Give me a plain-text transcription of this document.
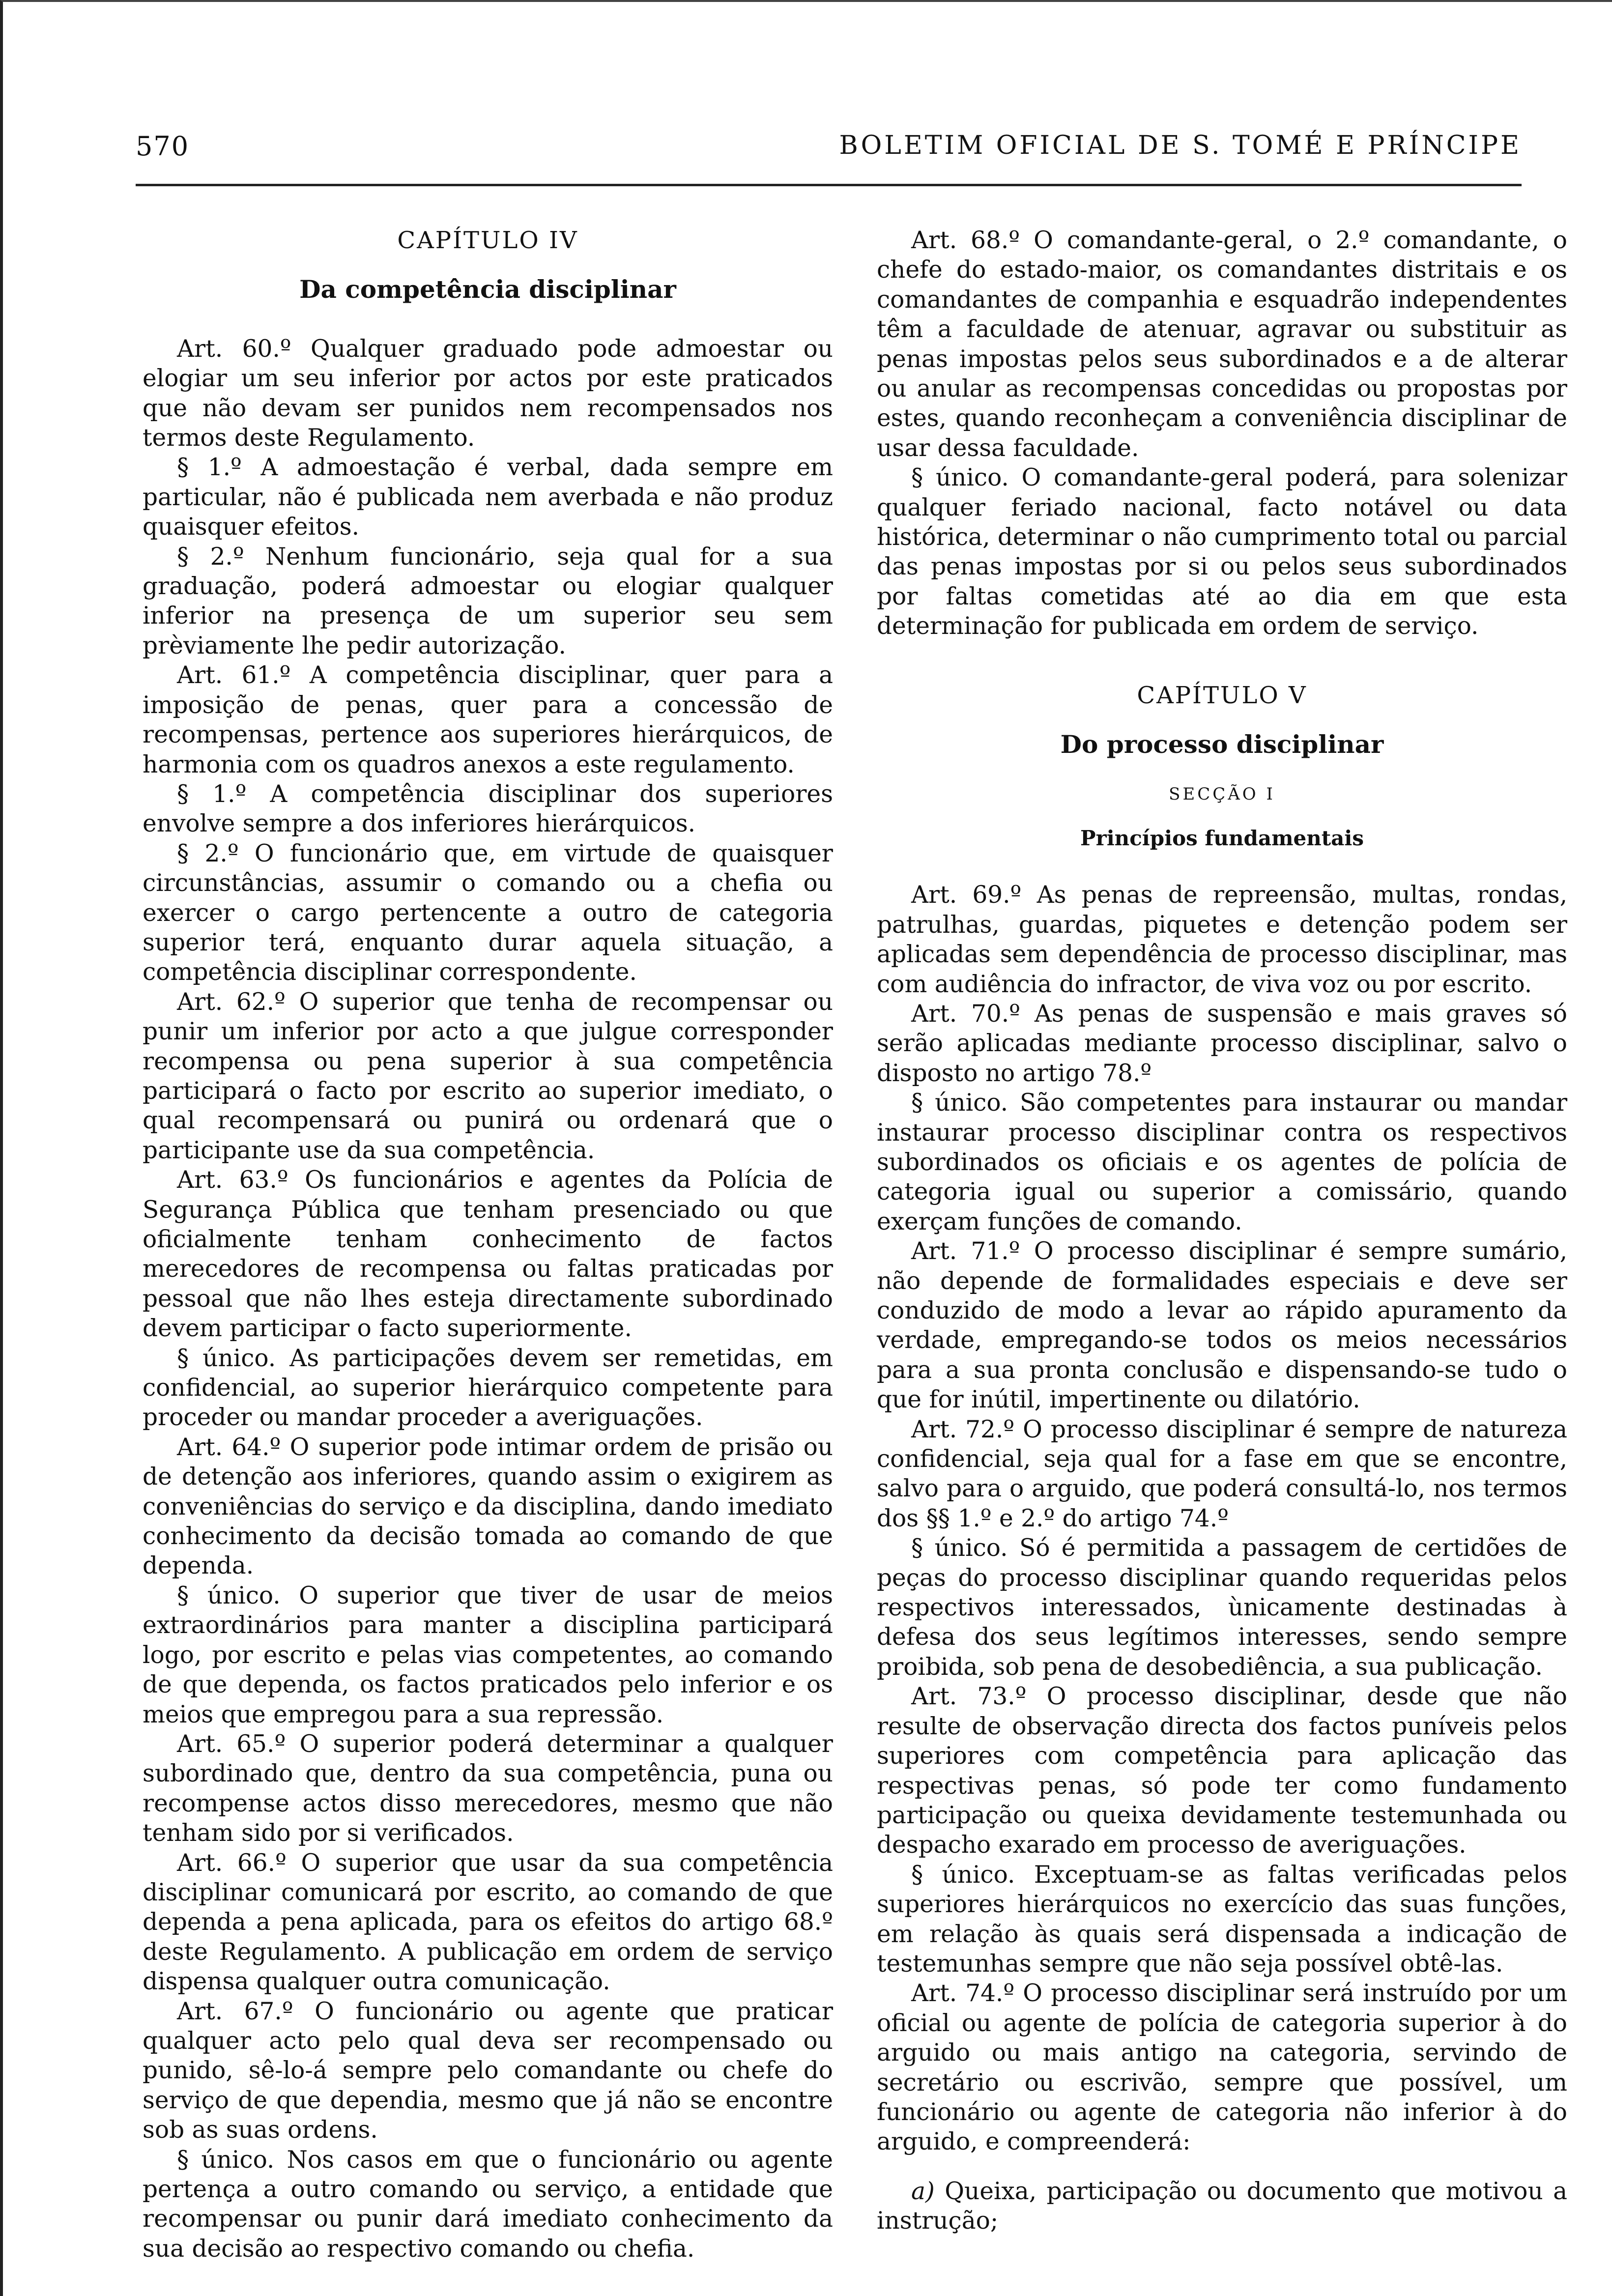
570	BOLETIM OFICIAL DE S. TOMÉ E PRÍNCIPE

CAPÍTULO IV

Da competência disciplinar

Art. 60.º Qualquer graduado pode admoestar ou elogiar um seu inferior por actos por este praticados que não devam ser punidos nem recompensados nos termos deste Regulamento.

§ 1.º A admoestação é verbal, dada sempre em particular, não é publicada nem averbada e não produz quaisquer efeitos.

§ 2.º Nenhum funcionário, seja qual for a sua graduação, poderá admoestar ou elogiar qualquer inferior na presença de um superior seu sem prèviamente lhe pedir autorização.

Art. 61.º A competência disciplinar, quer para a imposição de penas, quer para a concessão de recompensas, pertence aos superiores hierárquicos, de harmonia com os quadros anexos a este regulamento.

§ 1.º A competência disciplinar dos superiores envolve sempre a dos inferiores hierárquicos.

§ 2.º O funcionário que, em virtude de quaisquer circunstâncias, assumir o comando ou a chefia ou exercer o cargo pertencente a outro de categoria superior terá, enquanto durar aquela situação, a competência disciplinar correspondente.

Art. 62.º O superior que tenha de recompensar ou punir um inferior por acto a que julgue corresponder recompensa ou pena superior à sua competência participará o facto por escrito ao superior imediato, o qual recompensará ou punirá ou ordenará que o participante use da sua competência.

Art. 63.º Os funcionários e agentes da Polícia de Segurança Pública que tenham presenciado ou que oficialmente tenham conhecimento de factos merecedores de recompensa ou faltas praticadas por pessoal que não lhes esteja directamente subordinado devem participar o facto superiormente.

§ único. As participações devem ser remetidas, em confidencial, ao superior hierárquico competente para proceder ou mandar proceder a averiguações.

Art. 64.º O superior pode intimar ordem de prisão ou de detenção aos inferiores, quando assim o exigirem as conveniências do serviço e da disciplina, dando imediato conhecimento da decisão tomada ao comando de que dependa.

§ único. O superior que tiver de usar de meios extraordinários para manter a disciplina participará logo, por escrito e pelas vias competentes, ao comando de que dependa, os factos praticados pelo inferior e os meios que empregou para a sua repressão.

Art. 65.º O superior poderá determinar a qualquer subordinado que, dentro da sua competência, puna ou recompense actos disso merecedores, mesmo que não tenham sido por si verificados.

Art. 66.º O superior que usar da sua competência disciplinar comunicará por escrito, ao comando de que dependa a pena aplicada, para os efeitos do artigo 68.º deste Regulamento. A publicação em ordem de serviço dispensa qualquer outra comunicação.

Art. 67.º O funcionário ou agente que praticar qualquer acto pelo qual deva ser recompensado ou punido, sê-lo-á sempre pelo comandante ou chefe do serviço de que dependia, mesmo que já não se encontre sob as suas ordens.

§ único. Nos casos em que o funcionário ou agente pertença a outro comando ou serviço, a entidade que recompensar ou punir dará imediato conhecimento da sua decisão ao respectivo comando ou chefia.

Art. 68.º O comandante-geral, o 2.º comandante, o chefe do estado-maior, os comandantes distritais e os comandantes de companhia e esquadrão independentes têm a faculdade de atenuar, agravar ou substituir as penas impostas pelos seus subordinados e a de alterar ou anular as recompensas concedidas ou propostas por estes, quando reconheçam a conveniência disciplinar de usar dessa faculdade.

§ único. O comandante-geral poderá, para solenizar qualquer feriado nacional, facto notável ou data histórica, determinar o não cumprimento total ou parcial das penas impostas por si ou pelos seus subordinados por faltas cometidas até ao dia em que esta determinação for publicada em ordem de serviço.

CAPÍTULO V

Do processo disciplinar

SECÇÃO I

Princípios fundamentais

Art. 69.º As penas de repreensão, multas, rondas, patrulhas, guardas, piquetes e detenção podem ser aplicadas sem dependência de processo disciplinar, mas com audiência do infractor, de viva voz ou por escrito.

Art. 70.º As penas de suspensão e mais graves só serão aplicadas mediante processo disciplinar, salvo o disposto no artigo 78.º

§ único. São competentes para instaurar ou mandar instaurar processo disciplinar contra os respectivos subordinados os oficiais e os agentes de polícia de categoria igual ou superior a comissário, quando exerçam funções de comando.

Art. 71.º O processo disciplinar é sempre sumário, não depende de formalidades especiais e deve ser conduzido de modo a levar ao rápido apuramento da verdade, empregando-se todos os meios necessários para a sua pronta conclusão e dispensando-se tudo o que for inútil, impertinente ou dilatório.

Art. 72.º O processo disciplinar é sempre de natureza confidencial, seja qual for a fase em que se encontre, salvo para o arguido, que poderá consultá-lo, nos termos dos §§ 1.º e 2.º do artigo 74.º

§ único. Só é permitida a passagem de certidões de peças do processo disciplinar quando requeridas pelos respectivos interessados, ùnicamente destinadas à defesa dos seus legítimos interesses, sendo sempre proibida, sob pena de desobediência, a sua publicação.

Art. 73.º O processo disciplinar, desde que não resulte de observação directa dos factos puníveis pelos superiores com competência para aplicação das respectivas penas, só pode ter como fundamento participação ou queixa devidamente testemunhada ou despacho exarado em processo de averiguações.

§ único. Exceptuam-se as faltas verificadas pelos superiores hierárquicos no exercício das suas funções, em relação às quais será dispensada a indicação de testemunhas sempre que não seja possível obtê-las.

Art. 74.º O processo disciplinar será instruído por um oficial ou agente de polícia de categoria superior à do arguido ou mais antigo na categoria, servindo de secretário ou escrivão, sempre que possível, um funcionário ou agente de categoria não inferior à do arguido, e compreenderá:

a) Queixa, participação ou documento que motivou a instrução;
